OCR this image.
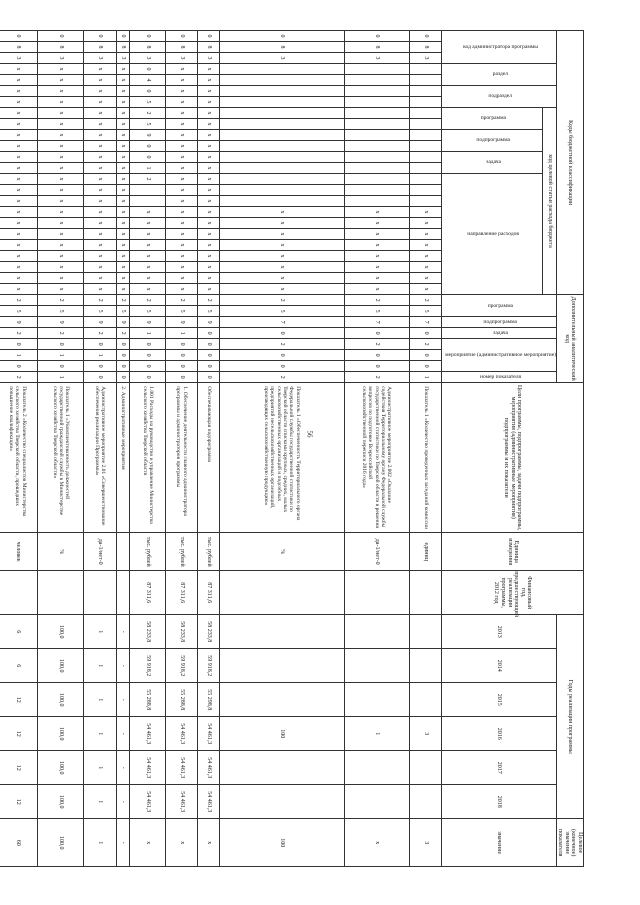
56
Коды бюджетной классификации																								Дополнительный аналитический код								Цели программы, подпрограммы, задачи подпрограммы, мероприятия (административные мероприятия) подпрограммы и их показатели	Единица измерения	Финансовый год, предшествующий реализации программы, 2012 год	Годы реализации программы						Целевое (конечное) значение показателя
код администратора программы			раздел		подраздел		код целевой статьи расхода бюджета																	программа		подпрограмма	задача	мероприятие (административное мероприятие)			номер показателя				2013	2014	2015	2016	2017	2018	значение
							программа		подпрограмма		задача		направление расходов																												
0	8	3														x	x	x	x	x	x	x	x	2	5	7	0	2	0	0	1	Показатель 1 «Количество проведенных заседаний комиссии	единиц					3			3
0	8	3														x	x	x	x	x	x	x	x	2	5	7	0	2	0	0	2	Административное мероприятие 2.002 «Оказание содействия Территориальному органу Федеральной службы государственной статистики по Тверской области в решении вопросов по подготовке Всероссийской сельскохозяйственной переписи 2016 года»	да-1/нет-0					1			x
0	8	3														x	x	x	x	x	x	x	x	2	5	7	0	2	0	0	2	Показатель 1 «Обеспеченность Территориального органа Федеральной службы государственной статистики по Тверской области списками крупных, средних, малых сельскохозяйственных организаций и подсобных предприятий несельскохозяйственных организаций, производящих сельскохозяйственную продукцию»	%					100			100
0	8	3	x	x	x	x	x	x	x	x	x	x	x	x	x	x	x	x	x	x	x	x	x	2	5	9	0	0	0	0	0	Обеспечивающая подпрограмма	тыс. рублей	87 311,6	58 233,8	59 918,2	55 298,8	54 461,3	54 461,3	54 461,3	x
0	8	3	x	x	x	x	x	x	x	x	x	x	x	x	x	x	x	x	x	x	x	x	x	2	5	9	1	0	0	0	0	1. Обеспечение деятельности главного администратора программы и администраторов программы	тыс. рублей	87 311,6	58 233,8	59 918,2	55 288,8	54 461,3	54 461,3	54 461,3	x
0	8	3	0	4	0	5	2	5	9	0	0	1	2			x	x	x	x	x	x	x	x	2	5	9	1	0	0	0	0	1.001 Расходы на руководство и управление Министерства сельского хозяйства Тверской области	тыс. рублей	87 311,6	58 233,8	59 918,2	55 288,8	54 461,3	54 461,3	54 461,3	x
0	8	3	x	x	x	x	x	x	x	x	x	x	x	x	x	x	x	x	x	x	x	x	x	2	5	9	2	0	0	0	0	2. Административные мероприятия			-	-	-	-	-	-	-
0	8	3	x	x	x	x	x	x	x	x	x	x	x	x	x	x	x	x	x	x	x	x	x	2	5	9	2	0	1	0	0	Административное мероприятие 2.01 «Совершенствование обеспечения реализации Программы»	да-1/нет-0		1	1	1	1	1	1	1
0	8	3	x	x	x	x	x	x	x	x	x	x	x	x	x	x	x	x	x	x	x	x	x	2	5	9	2	0	1	0	1	Показатель 1 «Укомплектованность должностей государственной гражданской службы в Министерстве сельского хозяйства Тверской области»	%		100,0	100,0	100,0	100,0	100,0	100,0	100,0
0	8	3	x	x	x	x	x	x	x	x	x	x	x	x	x	x	x	x	x	x	x	x	x	2	5	9	2	0	1	0	2	Показатель 2 «Количество специалистов Министерства сельского хозяйства Тверской области, прошедших повышение квалификации»	человек		6	6	12	12	12	12	60
